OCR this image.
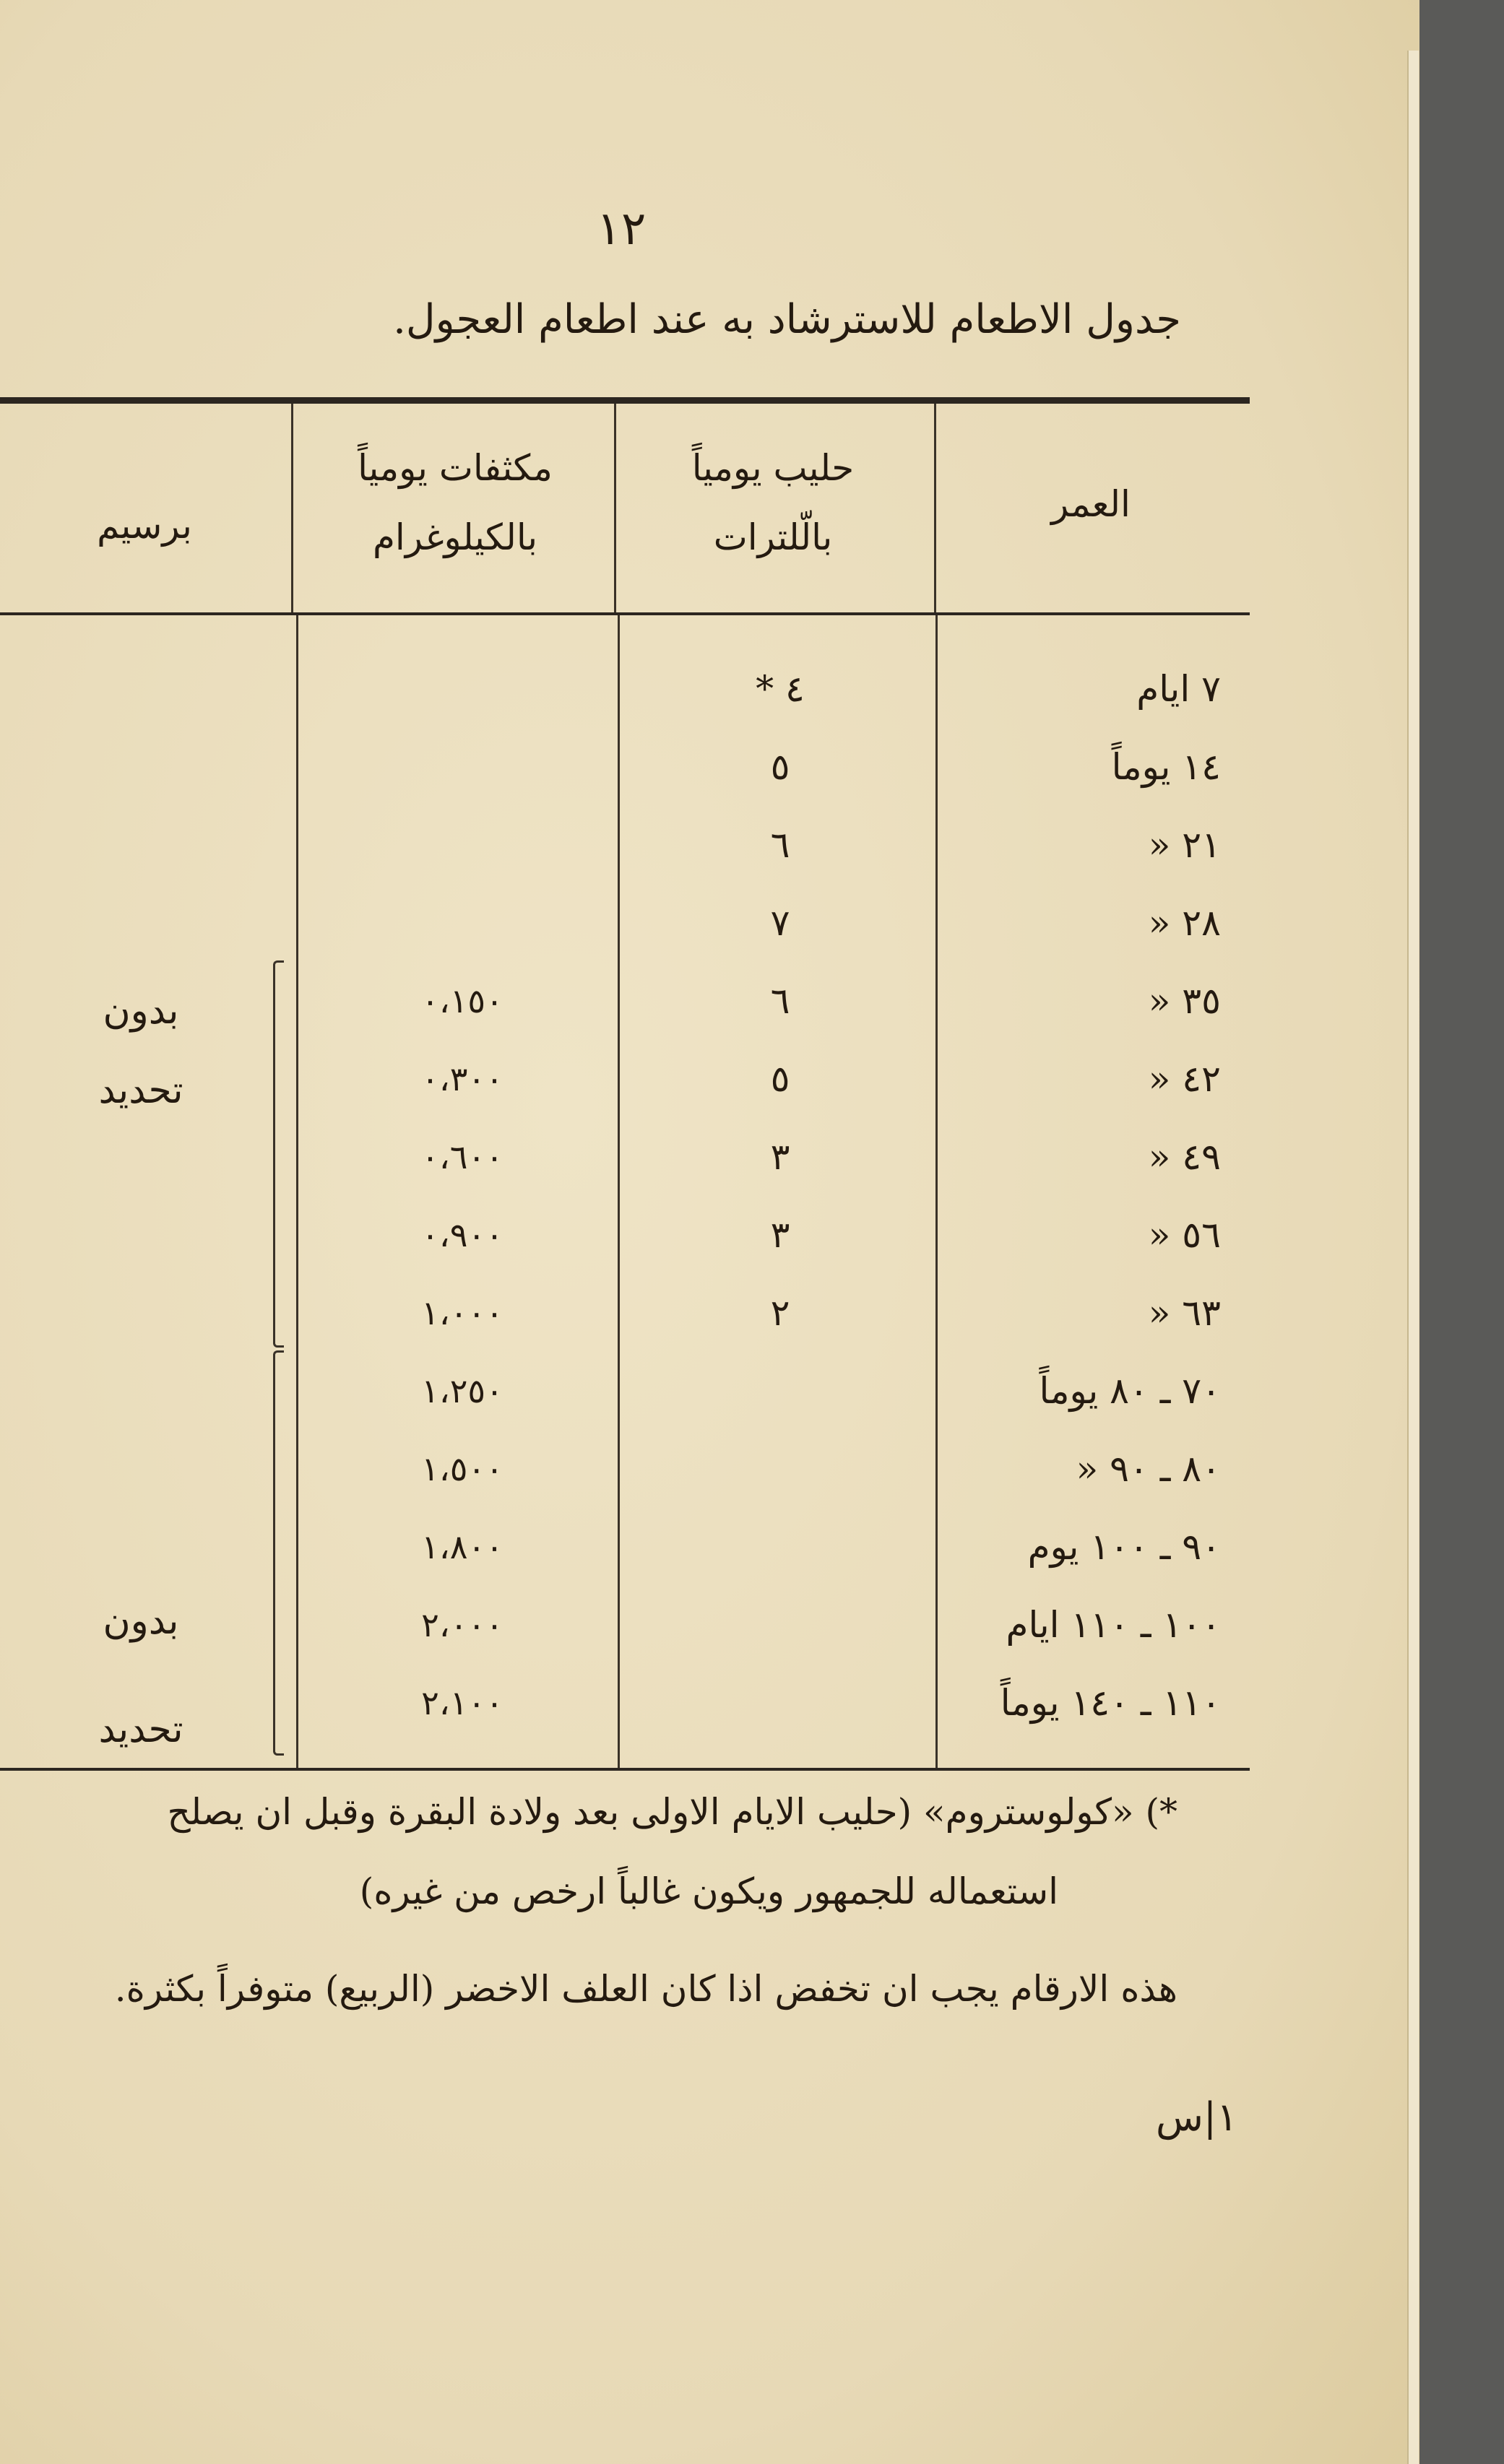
١٢
جدول الاطعام للاسترشاد به عند اطعام العجول.
العمر
حليب يومياً بالّلترات
مكثفات يومياً بالكيلوغرام
برسيم
٧ ايام
١٤ يوماً
٢١ «
٢٨ «
٣٥ «
٤٢ «
٤٩ «
٥٦ «
٦٣ «
٧٠ ـ ٨٠ يوماً
٨٠ ـ ٩٠ «
٩٠ ـ ١٠٠ يوم
١٠٠ ـ ١١٠ ايام
١١٠ ـ ١٤٠ يوماً
٤ *
٥
٦
٧
٦
٥
٣
٣
٢
٠،١٥٠
٠،٣٠٠
٠،٦٠٠
٠،٩٠٠
١،٠٠٠
١،٢٥٠
١،٥٠٠
١،٨٠٠
٢،٠٠٠
٢،١٠٠
بدون تحديد
بدون تحديد
*) «كولوستروم» (حليب الايام الاولى بعد ولادة البقرة وقبل ان يصلح
استعماله للجمهور ويكون غالباً ارخص من غيره)
هذه الارقام يجب ان تخفض اذا كان العلف الاخضر (الربيع) متوفراً بكثرة.
١|س
